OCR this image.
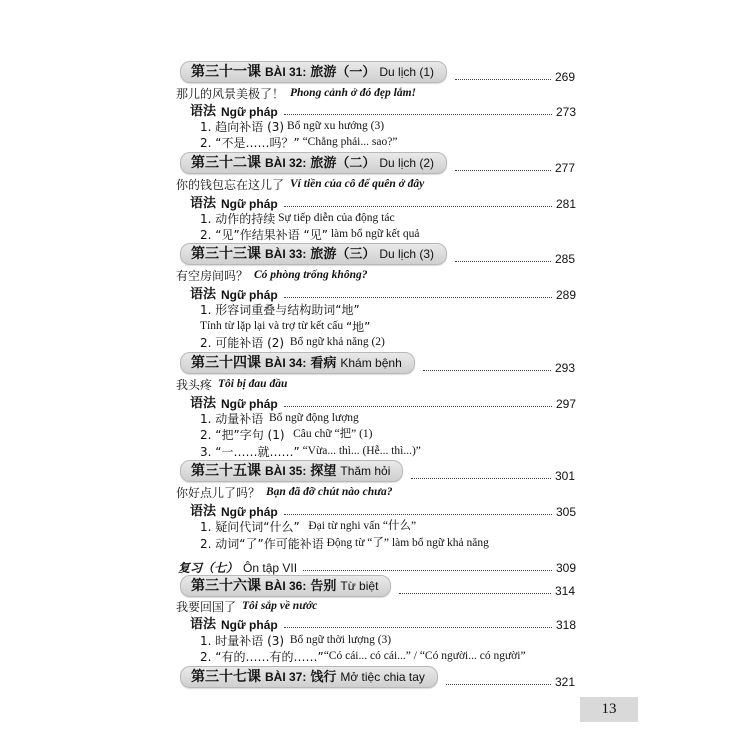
第三十一课 BÀI 31: 旅游（一） Du lịch (1)	269
那儿的风景美极了！ Phong cảnh ở đó đẹp lắm!
语法 Ngữ pháp	273
1. 趋向补语 (3)
Bổ ngữ xu hướng (3)
2. “不是……吗？”
“Chẳng phải... sao?”
第三十二课 BÀI 32: 旅游（二） Du lịch (2)	277
你的钱包忘在这儿了 Ví tiền của cô để quên ở đây
语法 Ngữ pháp	281
1. 动作的持续
Sự tiếp diễn của động tác
2. “见”作结果补语 “见”
làm bổ ngữ kết quả
第三十三课 BÀI 33: 旅游（三） Du lịch (3)	285
有空房间吗？ Có phòng trống không?
语法 Ngữ pháp	289
1. 形容词重叠与结构助词“地”
Tính từ lặp lại và trợ từ kết cấu
“地”
2. 可能补语 (2)
Bổ ngữ khả năng (2)
第三十四课 BÀI 34: 看病 Khám bệnh	293
我头疼 Tôi bị đau đầu
语法 Ngữ pháp	297
1. 动量补语
Bổ ngữ động lượng
2. “把”字句 (1)
Câu chữ “把” (1)
3. “一……就……”
“Vừa... thì... (Hễ... thì...)”
第三十五课 BÀI 35: 探望 Thăm hỏi	301
你好点儿了吗？ Bạn đã đỡ chút nào chưa?
语法 Ngữ pháp	305
1. 疑问代词“什么”
Đại từ nghi vấn “什么”
2. 动词“了”作可能补语
Động từ “了” làm bổ ngữ khả năng
复习（七） Ôn tập VII	309
第三十六课 BÀI 36: 告别 Từ biệt	314
我要回国了 Tôi sắp về nước
语法 Ngữ pháp	318
1. 时量补语 (3)
Bổ ngữ thời lượng (3)
2. “有的……有的……” “Có cái... có cái...” / “Có người... có người”
第三十七课 BÀI 37: 饯行 Mở tiệc chia tay	321
13
